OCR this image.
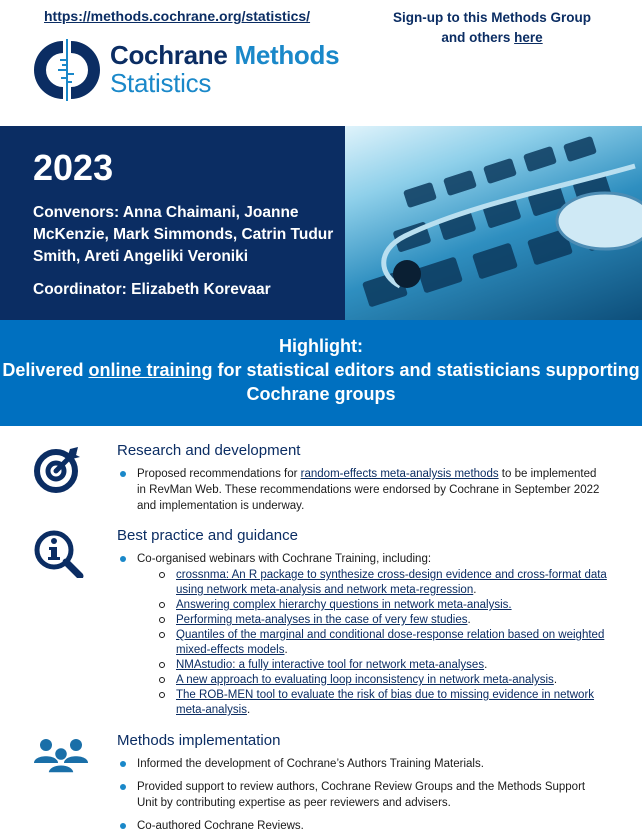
https://methods.cochrane.org/statistics/	Sign-up to this Methods Group and others here
Cochrane Methods
Statistics
2023
Convenors: Anna Chaimani, Joanne McKenzie, Mark Simmonds, Catrin Tudur Smith, Areti Angeliki Veroniki
Coordinator: Elizabeth Korevaar
Highlight:
Delivered online training for statistical editors and statisticians supporting Cochrane groups
Research and development
Proposed recommendations for random-effects meta-analysis methods to be implemented in RevMan Web. These recommendations were endorsed by Cochrane in September 2022 and implementation is underway.
Best practice and guidance
Co-organised webinars with Cochrane Training, including:
crossnma: An R package to synthesize cross-design evidence and cross-format data using network meta-analysis and network meta-regression.
Answering complex hierarchy questions in network meta-analysis.
Performing meta-analyses in the case of very few studies.
Quantiles of the marginal and conditional dose-response relation based on weighted mixed-effects models.
NMAstudio: a fully interactive tool for network meta-analyses.
A new approach to evaluating loop inconsistency in network meta-analysis.
The ROB-MEN tool to evaluate the risk of bias due to missing evidence in network meta-analysis.
Methods implementation
Informed the development of Cochrane’s Authors Training Materials.
Provided support to review authors, Cochrane Review Groups and the Methods Support Unit by contributing expertise as peer reviewers and advisers.
Co-authored Cochrane Reviews.
